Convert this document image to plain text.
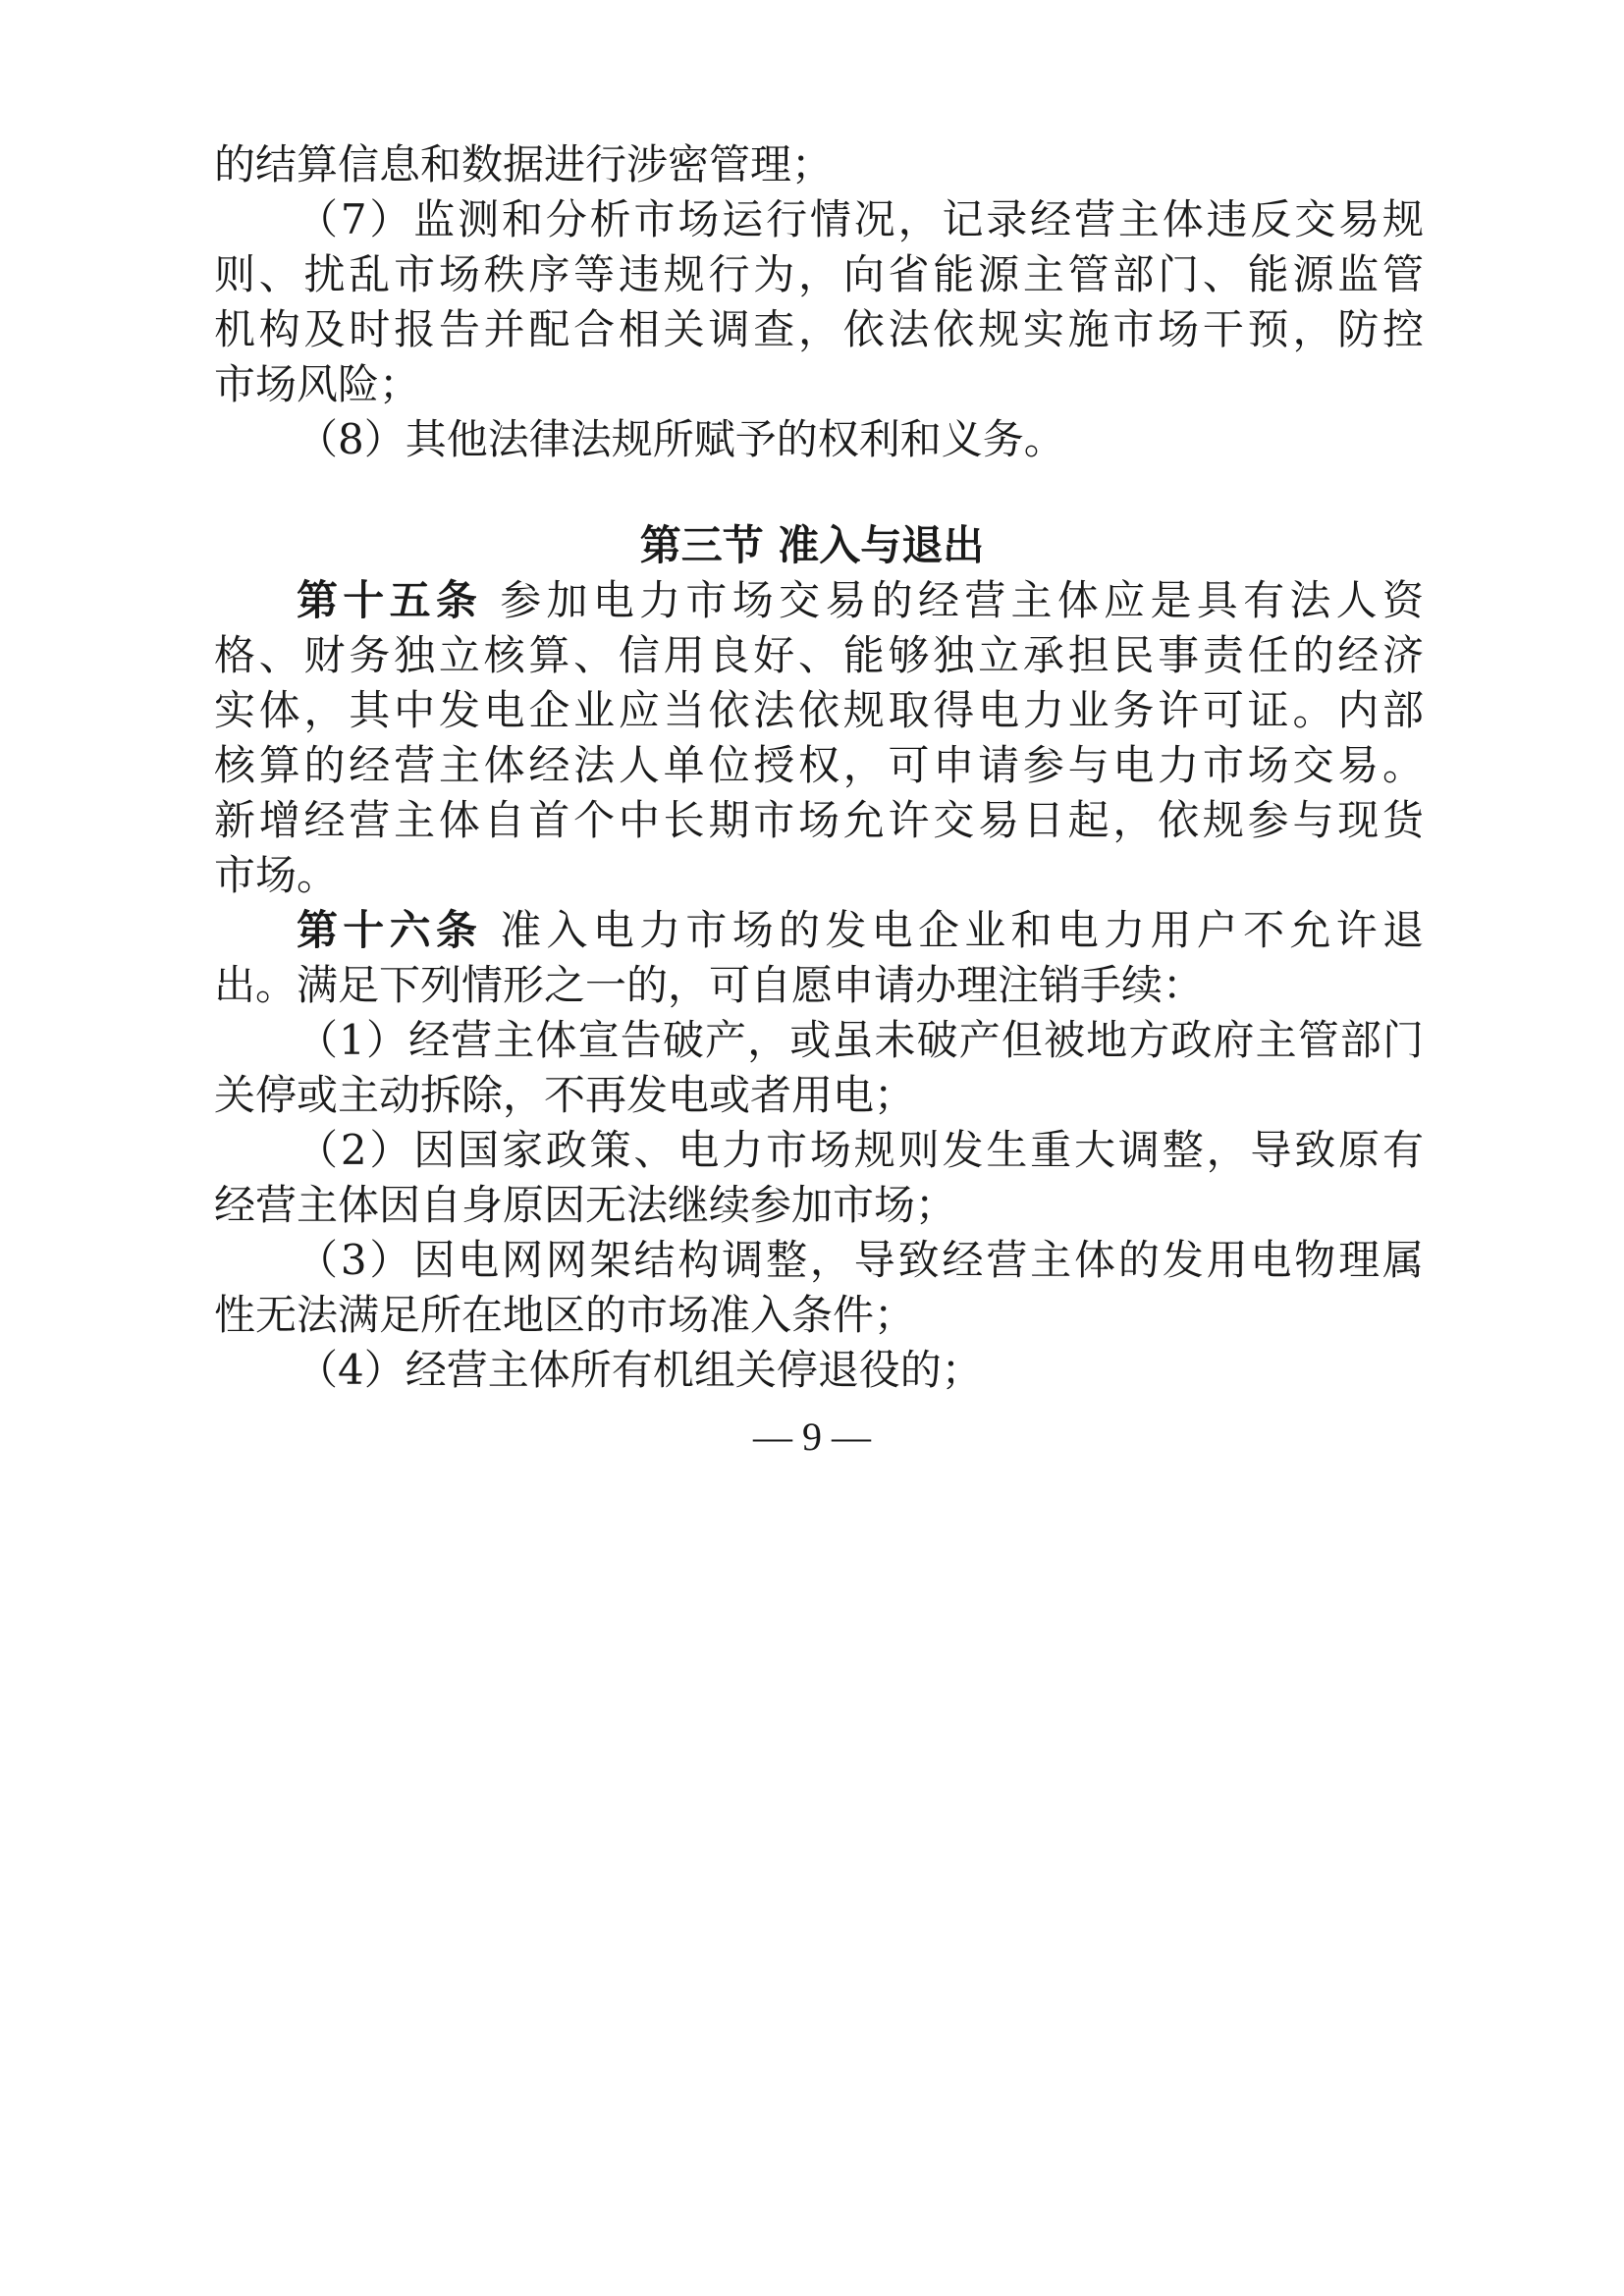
的结算信息和数据进行涉密管理；
（7）监测和分析市场运行情况，记录经营主体违反交易规
则、扰乱市场秩序等违规行为，向省能源主管部门、能源监管
机构及时报告并配合相关调查，依法依规实施市场干预，防控
市场风险；
（8）其他法律法规所赋予的权利和义务。
第三节 准入与退出
第十五条 参加电力市场交易的经营主体应是具有法人资
格、财务独立核算、信用良好、能够独立承担民事责任的经济
实体，其中发电企业应当依法依规取得电力业务许可证。内部
核算的经营主体经法人单位授权，可申请参与电力市场交易。
新增经营主体自首个中长期市场允许交易日起，依规参与现货
市场。
第十六条 准入电力市场的发电企业和电力用户不允许退
出。满足下列情形之一的，可自愿申请办理注销手续：
（1）经营主体宣告破产，或虽未破产但被地方政府主管部门
关停或主动拆除，不再发电或者用电；
（2）因国家政策、电力市场规则发生重大调整，导致原有
经营主体因自身原因无法继续参加市场；
（3）因电网网架结构调整，导致经营主体的发用电物理属
性无法满足所在地区的市场准入条件；
（4）经营主体所有机组关停退役的；
— 9 —
